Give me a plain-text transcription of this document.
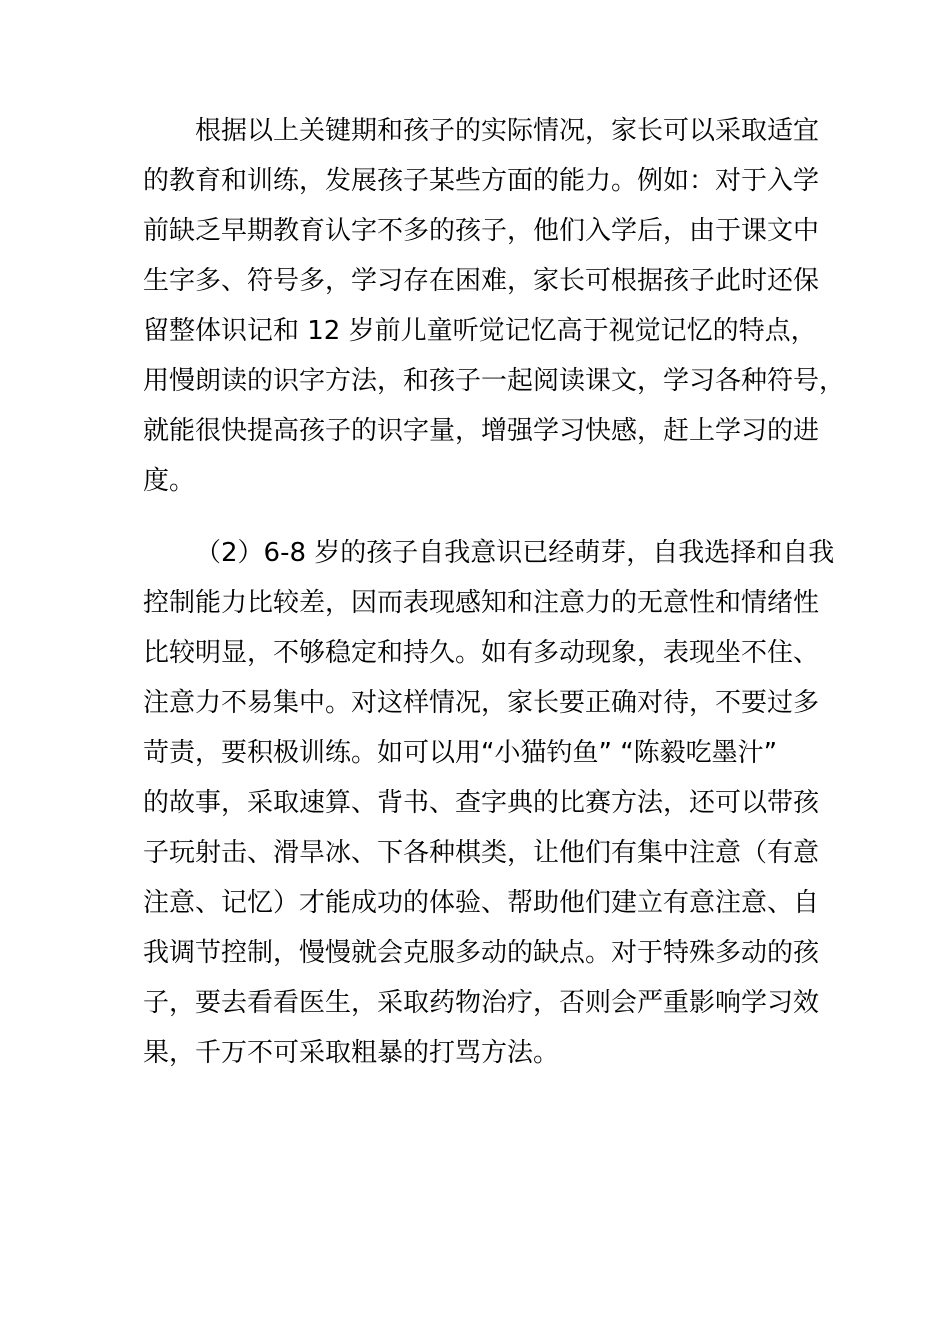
根据以上关键期和孩子的实际情况，家长可以采取适宜
的教育和训练，发展孩子某些方面的能力。例如：对于入学
前缺乏早期教育认字不多的孩子，他们入学后，由于课文中
生字多、符号多，学习存在困难，家长可根据孩子此时还保
留整体识记和 12 岁前儿童听觉记忆高于视觉记忆的特点，
用慢朗读的识字方法，和孩子一起阅读课文，学习各种符号，
就能很快提高孩子的识字量，增强学习快感，赶上学习的进
度。
（2）6-8 岁的孩子自我意识已经萌芽，自我选择和自我
控制能力比较差，因而表现感知和注意力的无意性和情绪性
比较明显，不够稳定和持久。如有多动现象，表现坐不住、
注意力不易集中。对这样情况，家长要正确对待，不要过多
苛责，要积极训练。如可以用“小猫钓鱼” “陈毅吃墨汁”
的故事，采取速算、背书、查字典的比赛方法，还可以带孩
子玩射击、滑旱冰、下各种棋类，让他们有集中注意（有意
注意、记忆）才能成功的体验、帮助他们建立有意注意、自
我调节控制，慢慢就会克服多动的缺点。对于特殊多动的孩
子，要去看看医生，采取药物治疗，否则会严重影响学习效
果，千万不可采取粗暴的打骂方法。
